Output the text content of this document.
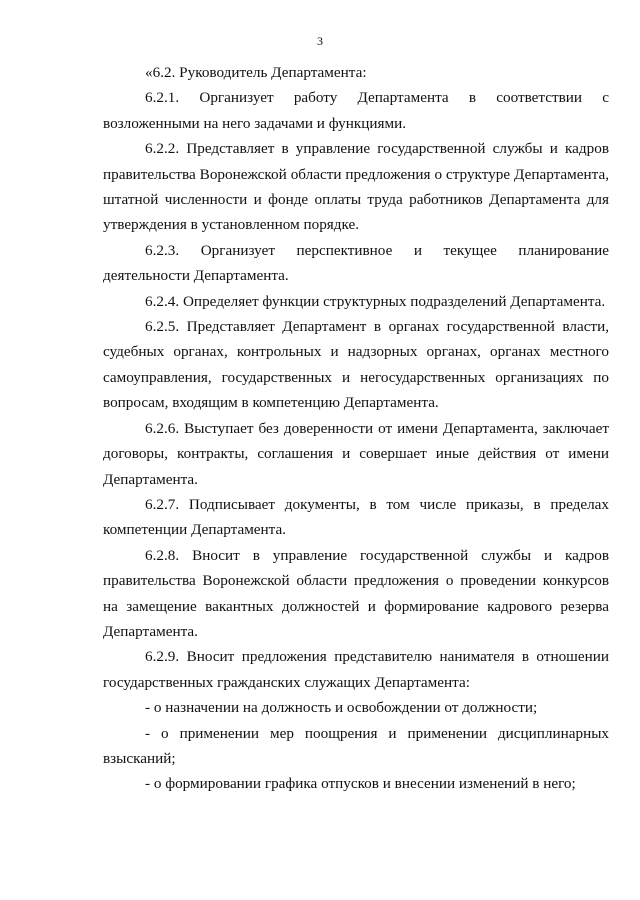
3

«6.2. Руководитель Департамента:

6.2.1. Организует работу Департамента в соответствии с возложенными на него задачами и функциями.

6.2.2. Представляет в управление государственной службы и кадров правительства Воронежской области предложения о структуре Департамента, штатной численности и фонде оплаты труда работников Департамента для утверждения в установленном порядке.

6.2.3. Организует перспективное и текущее планирование деятельности Департамента.

6.2.4. Определяет функции структурных подразделений Департамента.

6.2.5. Представляет Департамент в органах государственной власти, судебных органах, контрольных и надзорных органах, органах местного самоуправления, государственных и негосударственных организациях по вопросам, входящим в компетенцию Департамента.

6.2.6. Выступает без доверенности от имени Департамента, заключает договоры, контракты, соглашения и совершает иные действия от имени Департамента.

6.2.7. Подписывает документы, в том числе приказы, в пределах компетенции Департамента.

6.2.8. Вносит в управление государственной службы и кадров правительства Воронежской области предложения о проведении конкурсов на замещение вакантных должностей и формирование кадрового резерва Департамента.

6.2.9. Вносит предложения представителю нанимателя в отношении государственных гражданских служащих Департамента:

- о назначении на должность и освобождении от должности;

- о применении мер поощрения и применении дисциплинарных взысканий;

- о формировании графика отпусков и внесении изменений в него;
